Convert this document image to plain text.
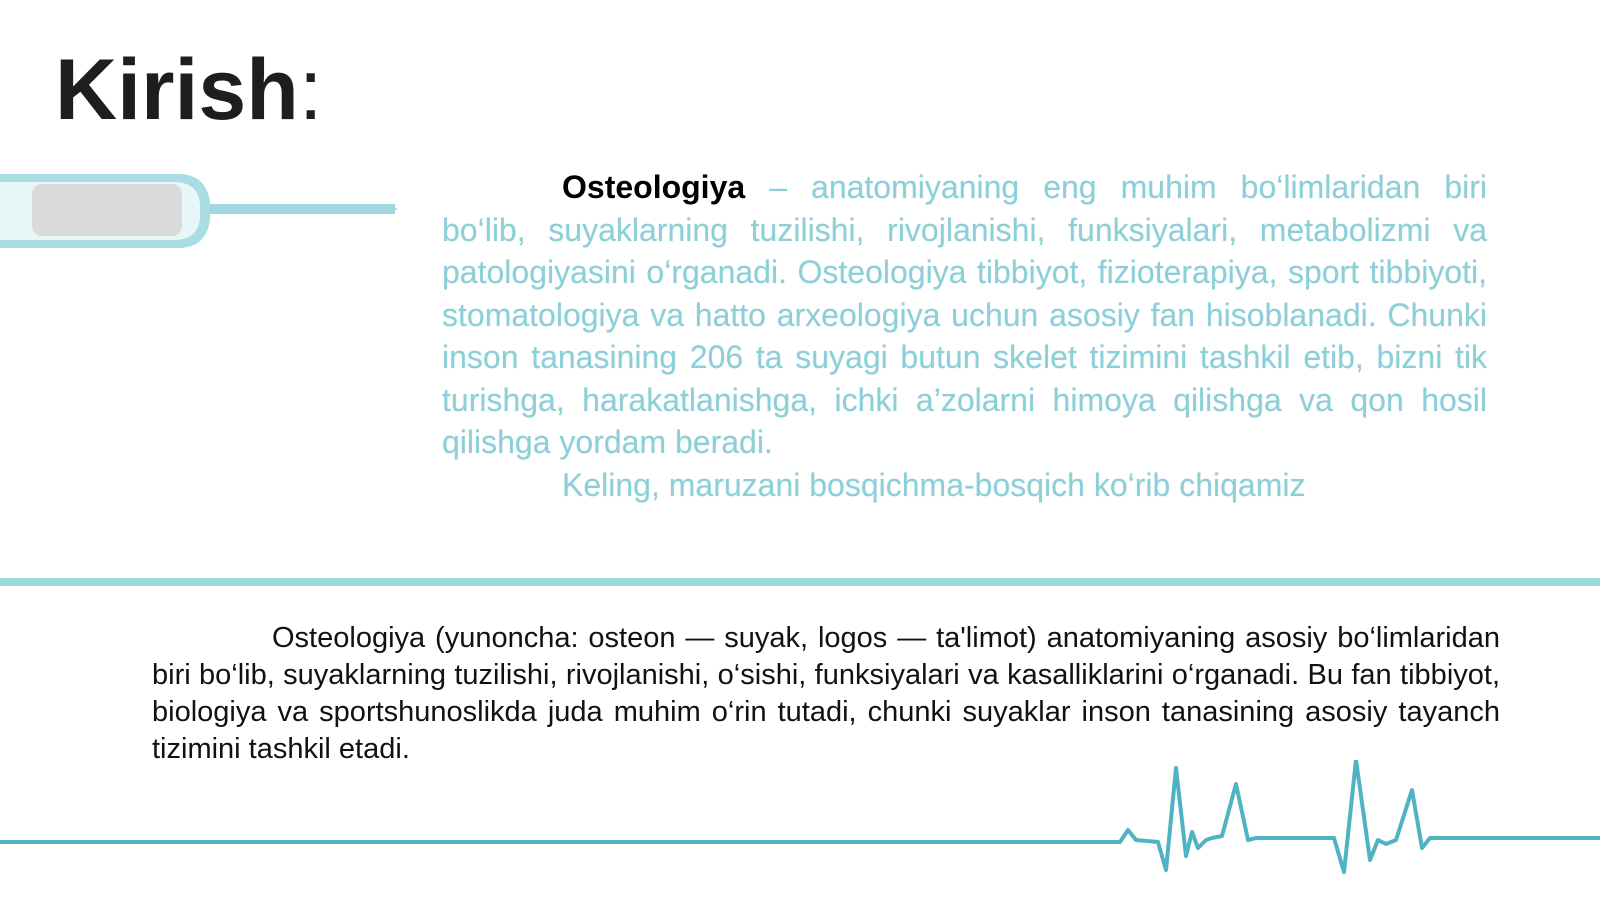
Kirish:

Osteologiya – anatomiyaning eng muhim bo‘limlaridan biri bo‘lib, suyaklarning tuzilishi, rivojlanishi, funksiyalari, metabolizmi va patologiyasini o‘rganadi. Osteologiya tibbiyot, fizioterapiya, sport tibbiyoti, stomatologiya va hatto arxeologiya uchun asosiy fan hisoblanadi. Chunki inson tanasining 206 ta suyagi butun skelet tizimini tashkil etib, bizni tik turishga, harakatlanishga, ichki a’zolarni himoya qilishga va qon hosil qilishga yordam beradi.

Keling, maruzani bosqichma-bosqich ko‘rib chiqamiz

Osteologiya (yunoncha: osteon — suyak, logos — ta'limot) anatomiyaning asosiy bo‘limlaridan biri bo‘lib, suyaklarning tuzilishi, rivojlanishi, o‘sishi, funksiyalari va kasalliklarini o‘rganadi. Bu fan tibbiyot, biologiya va sportshunoslikda juda muhim o‘rin tutadi, chunki suyaklar inson tanasining asosiy tayanch tizimini tashkil etadi.
